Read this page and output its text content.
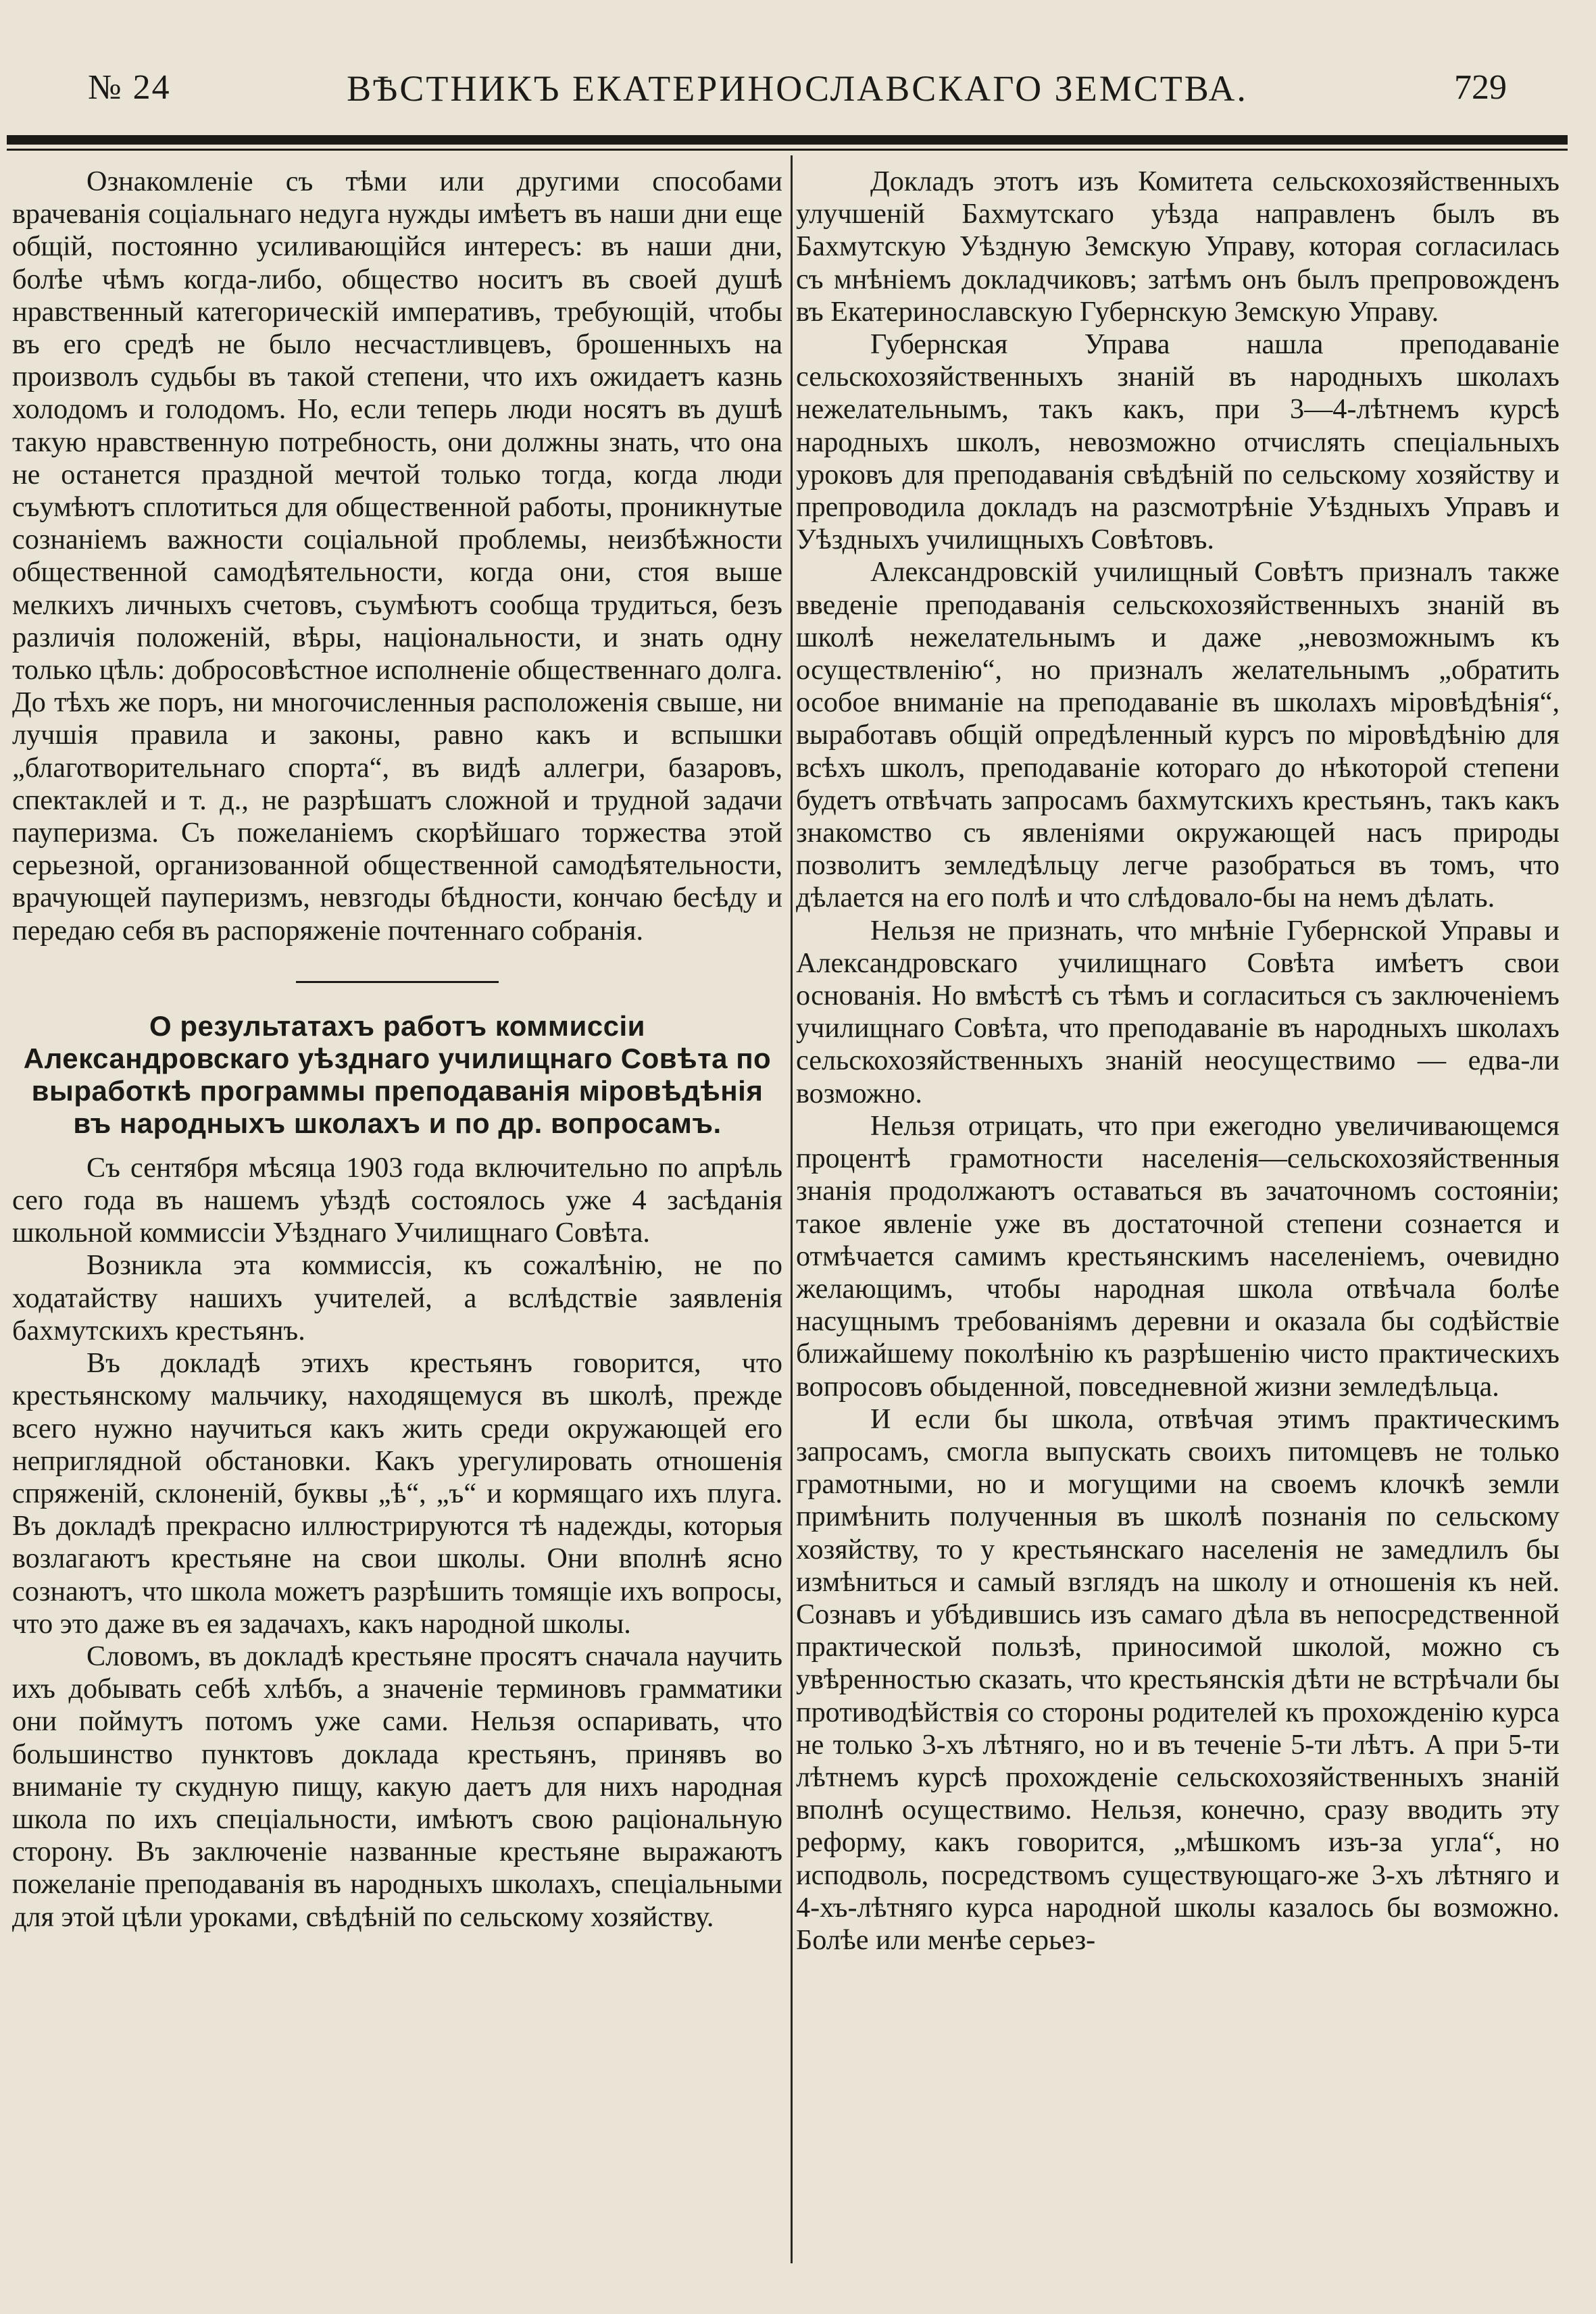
№ 24	ВѢСТНИКЪ ЕКАТЕРИНОСЛАВСКАГО ЗЕМСТВА.	729

Ознакомленіе съ тѣми или другими способами врачеванія соціальнаго недуга нужды имѣетъ въ наши дни еще общій, постоянно усиливающійся интересъ: въ наши дни, болѣе чѣмъ когда-либо, общество носитъ въ своей душѣ нравственный категорическій императивъ, требующій, чтобы въ его средѣ не было несчастливцевъ, брошенныхъ на произволъ судьбы въ такой степени, что ихъ ожидаетъ казнь холодомъ и голодомъ. Но, если теперь люди носятъ въ душѣ такую нравственную потребность, они должны знать, что она не останется праздной мечтой только тогда, когда люди съумѣютъ сплотиться для общественной работы, проникнутые сознаніемъ важности соціальной проблемы, неизбѣжности общественной самодѣятельности, когда они, стоя выше мелкихъ личныхъ счетовъ, съумѣютъ сообща трудиться, безъ различія положеній, вѣры, національности, и знать одну только цѣль: добросовѣстное исполненіе общественнаго долга. До тѣхъ же поръ, ни многочисленныя расположенія свыше, ни лучшія правила и законы, равно какъ и вспышки „благотворительнаго спорта“, въ видѣ аллегри, базаровъ, спектаклей и т. д., не разрѣшатъ сложной и трудной задачи пауперизма. Съ пожеланіемъ скорѣйшаго торжества этой серьезной, организованной общественной самодѣятельности, врачующей пауперизмъ, невзгоды бѣдности, кончаю бесѣду и передаю себя въ распоряженіе почтеннаго собранія.

О результатахъ работъ коммиссіи Александровскаго уѣзднаго училищнаго Совѣта по выработкѣ программы преподаванія міровѣдѣнія въ народныхъ школахъ и по др. вопросамъ.

Съ сентября мѣсяца 1903 года включительно по апрѣль сего года въ нашемъ уѣздѣ состоялось уже 4 засѣданія школьной коммиссіи Уѣзднаго Училищнаго Совѣта.

Возникла эта коммиссія, къ сожалѣнію, не по ходатайству нашихъ учителей, а вслѣдствіе заявленія бахмутскихъ крестьянъ.

Въ докладѣ этихъ крестьянъ говорится, что крестьянскому мальчику, находящемуся въ школѣ, прежде всего нужно научиться какъ жить среди окружающей его неприглядной обстановки. Какъ урегулировать отношенія спряженій, склоненій, буквы „ѣ“, „ъ“ и кормящаго ихъ плуга. Въ докладѣ прекрасно иллюстрируются тѣ надежды, которыя возлагаютъ крестьяне на свои школы. Они вполнѣ ясно сознаютъ, что школа можетъ разрѣшить томящіе ихъ вопросы, что это даже въ ея задачахъ, какъ народной школы.

Словомъ, въ докладѣ крестьяне просятъ сначала научить ихъ добывать себѣ хлѣбъ, а значеніе терминовъ грамматики они поймутъ потомъ уже сами. Нельзя оспаривать, что большинство пунктовъ доклада крестьянъ, принявъ во вниманіе ту скудную пищу, какую даетъ для нихъ народная школа по ихъ спеціальности, имѣютъ свою раціональную сторону. Въ заключеніе названные крестьяне выражаютъ пожеланіе преподаванія въ народныхъ школахъ, спеціальными для этой цѣли уроками, свѣдѣній по сельскому хозяйству.

Докладъ этотъ изъ Комитета сельскохозяйственныхъ улучшеній Бахмутскаго уѣзда направленъ былъ въ Бахмутскую Уѣздную Земскую Управу, которая согласилась съ мнѣніемъ докладчиковъ; затѣмъ онъ былъ препровожденъ въ Екатеринославскую Губернскую Земскую Управу.

Губернская Управа нашла преподаваніе сельскохозяйственныхъ знаній въ народныхъ школахъ нежелательнымъ, такъ какъ, при 3—4-лѣтнемъ курсѣ народныхъ школъ, невозможно отчислять спеціальныхъ уроковъ для преподаванія свѣдѣній по сельскому хозяйству и препроводила докладъ на разсмотрѣніе Уѣздныхъ Управъ и Уѣздныхъ училищныхъ Совѣтовъ.

Александровскій училищный Совѣтъ призналъ также введеніе преподаванія сельскохозяйственныхъ знаній въ школѣ нежелательнымъ и даже „невозможнымъ къ осуществленію“, но призналъ желательнымъ „обратить особое вниманіе на преподаваніе въ школахъ міровѣдѣнія“, выработавъ общій опредѣленный курсъ по міровѣдѣнію для всѣхъ школъ, преподаваніе котораго до нѣкоторой степени будетъ отвѣчать запросамъ бахмутскихъ крестьянъ, такъ какъ знакомство съ явленіями окружающей насъ природы позволитъ земледѣльцу легче разобраться въ томъ, что дѣлается на его полѣ и что слѣдовало-бы на немъ дѣлать.

Нельзя не признать, что мнѣніе Губернской Управы и Александровскаго училищнаго Совѣта имѣетъ свои основанія. Но вмѣстѣ съ тѣмъ и согласиться съ заключеніемъ училищнаго Совѣта, что преподаваніе въ народныхъ школахъ сельскохозяйственныхъ знаній неосуществимо — едва-ли возможно.

Нельзя отрицать, что при ежегодно увеличивающемся процентѣ грамотности населенія—сельскохозяйственныя знанія продолжаютъ оставаться въ зачаточномъ состояніи; такое явленіе уже въ достаточной степени сознается и отмѣчается самимъ крестьянскимъ населеніемъ, очевидно желающимъ, чтобы народная школа отвѣчала болѣе насущнымъ требованіямъ деревни и оказала бы содѣйствіе ближайшему поколѣнію къ разрѣшенію чисто практическихъ вопросовъ обыденной, повседневной жизни земледѣльца.

И если бы школа, отвѣчая этимъ практическимъ запросамъ, смогла выпускать своихъ питомцевъ не только грамотными, но и могущими на своемъ клочкѣ земли примѣнить полученныя въ школѣ познанія по сельскому хозяйству, то у крестьянскаго населенія не замедлилъ бы измѣниться и самый взглядъ на школу и отношенія къ ней. Сознавъ и убѣдившись изъ самаго дѣла въ непосредственной практической пользѣ, приносимой школой, можно съ увѣренностью сказать, что крестьянскія дѣти не встрѣчали бы противодѣйствія со стороны родителей къ прохожденію курса не только 3-хъ лѣтняго, но и въ теченіе 5-ти лѣтъ. А при 5-ти лѣтнемъ курсѣ прохожденіе сельскохозяйственныхъ знаній вполнѣ осуществимо. Нельзя, конечно, сразу вводить эту реформу, какъ говорится, „мѣшкомъ изъ-за угла“, но исподволь, посредствомъ существующаго-же 3-хъ лѣтняго и 4-хъ-лѣтняго курса народной школы казалось бы возможно. Болѣе или менѣе серьез-
